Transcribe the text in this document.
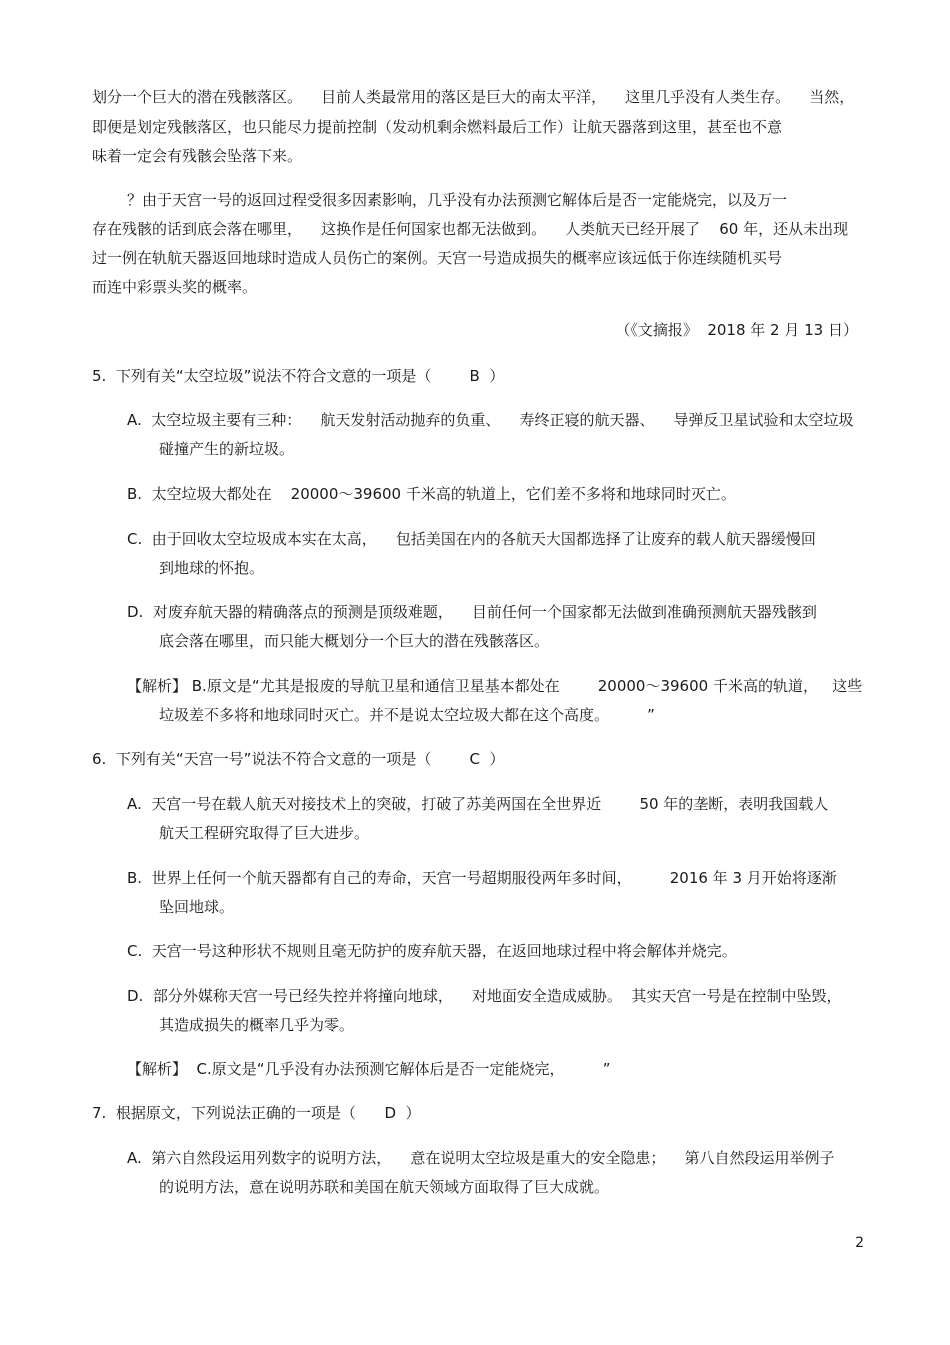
划分一个巨大的潜在残骸落区。    目前人类最常用的落区是巨大的南太平洋，    这里几乎没有人类生存。    当然，
即便是划定残骸落区，也只能尽力提前控制（发动机剩余燃料最后工作）让航天器落到这里，甚至也不意
味着一定会有残骸会坠落下来。
？由于天宫一号的返回过程受很多因素影响，几乎没有办法预测它解体后是否一定能烧完，以及万一
存在残骸的话到底会落在哪里，    这换作是任何国家也都无法做到。    人类航天已经开展了    60 年，还从未出现
过一例在轨航天器返回地球时造成人员伤亡的案例。天宫一号造成损失的概率应该远低于你连续随机买号
而连中彩票头奖的概率。
（《文摘报》  2018 年 2 月 13 日）
5.  下列有关“太空垃圾”说法不符合文意的一项是（        B  ）
A.  太空垃圾主要有三种：    航天发射活动抛弃的负重、    寿终正寝的航天器、    导弹反卫星试验和太空垃圾
碰撞产生的新垃圾。
B.  太空垃圾大都处在    20000～39600 千米高的轨道上，它们差不多将和地球同时灭亡。
C.  由于回收太空垃圾成本实在太高，    包括美国在内的各航天大国都选择了让废弃的载人航天器缓慢回
到地球的怀抱。
D.  对废弃航天器的精确落点的预测是顶级难题，    目前任何一个国家都无法做到准确预测航天器残骸到
底会落在哪里，而只能大概划分一个巨大的潜在残骸落区。
【解析】 B.原文是“尤其是报废的导航卫星和通信卫星基本都处在        20000～39600 千米高的轨道，   这些
垃圾差不多将和地球同时灭亡。并不是说太空垃圾大都在这个高度。        ”
6.  下列有关“天宫一号”说法不符合文意的一项是（        C  ）
A.  天宫一号在载人航天对接技术上的突破，打破了苏美两国在全世界近        50 年的垄断，表明我国载人
航天工程研究取得了巨大进步。
B.  世界上任何一个航天器都有自己的寿命，天宫一号超期服役两年多时间，        2016 年 3 月开始将逐渐
坠回地球。
C.  天宫一号这种形状不规则且毫无防护的废弃航天器，在返回地球过程中将会解体并烧完。
D.  部分外媒称天宫一号已经失控并将撞向地球，    对地面安全造成威胁。  其实天宫一号是在控制中坠毁，
其造成损失的概率几乎为零。
【解析】  C.原文是“几乎没有办法预测它解体后是否一定能烧完，        ”
7.  根据原文，下列说法正确的一项是（      D  ）
A.  第六自然段运用列数字的说明方法，    意在说明太空垃圾是重大的安全隐患；    第八自然段运用举例子
的说明方法，意在说明苏联和美国在航天领域方面取得了巨大成就。
2
